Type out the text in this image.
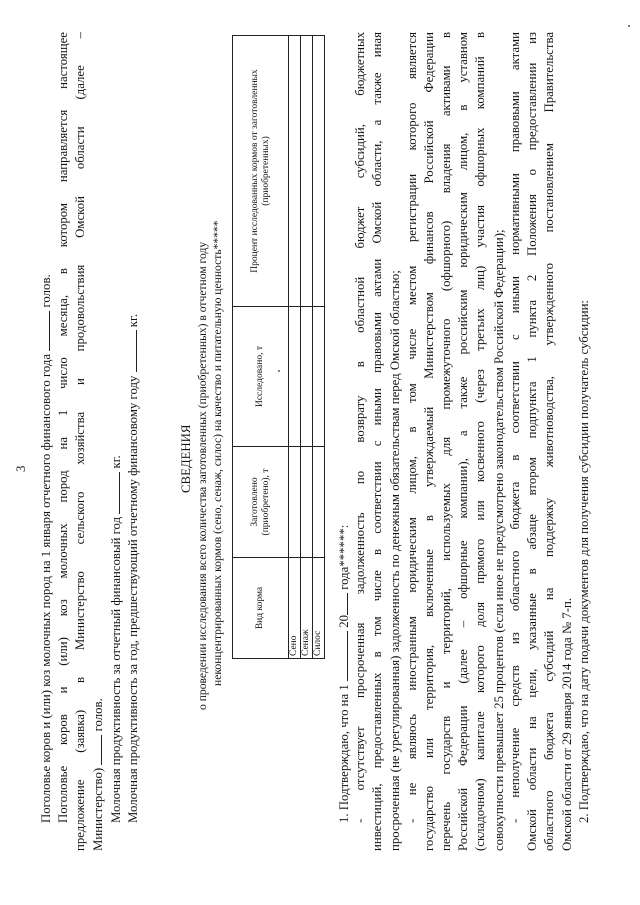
3 Поголовье коров и (или) коз молочных пород на 1 января отчетного финансового года  голов. Поголовье коров и (или) коз молочных пород на 1 число месяца, в котором направляется настоящее предложение (заявка) в Министерство сельского хозяйства и продовольствия Омской области (далее – Министерство)  голов. Молочная продуктивность за отчетный финансовый год  кг. Молочная продуктивность за год, предшествующий отчетному финансовому году  кг.
СВЕДЕНИЯ о проведении исследования всего количества заготовленных (приобретенных) в отчетном году неконцентрированных кормов (сено, сенаж, силос) на качество и питательную ценность*****	Вид корма	Заготовлено (приобретено), т	Исследовано, т	Процент исследованных кормов от заготовленных (приобретенных)
Сено			
Сенаж			
Силос			
1. Подтверждаю, что на 1  20 года******: - отсутствует просроченная задолженность по возврату в областной бюджет субсидий, бюджетных инвестиций, предоставленных в том числе в соответствии с иными правовыми актами Омской области, а также иная просроченная (не урегулированная) задолженность по денежным обязательствам перед Омской областью; - не являюсь иностранным юридическим лицом, в том числе местом регистрации которого является государство или территория, включенные в утверждаемый Министерством финансов Российской Федерации перечень государств и территорий, используемых для промежуточного (офшорного) владения активами в Российской Федерации (далее – офшорные компании), а также российским юридическим лицом, в уставном (складочном) капитале которого доля прямого или косвенного (через третьих лиц) участия офшорных компаний в совокупности превышает 25 процентов (если иное не предусмотрено законодательством Российской Федерации); - неполучение средств из областного бюджета в соответствии с иными нормативными правовыми актами Омской области на цели, указанные в абзаце втором подпункта 1 пункта 2 Положения о предоставлении из областного бюджета субсидий на поддержку животноводства, утвержденного постановлением Правительства Омской области от 29 января 2014 года № 7-п. 2. Подтверждаю, что на дату подачи документов для получения субсидии получатель субсидии:
